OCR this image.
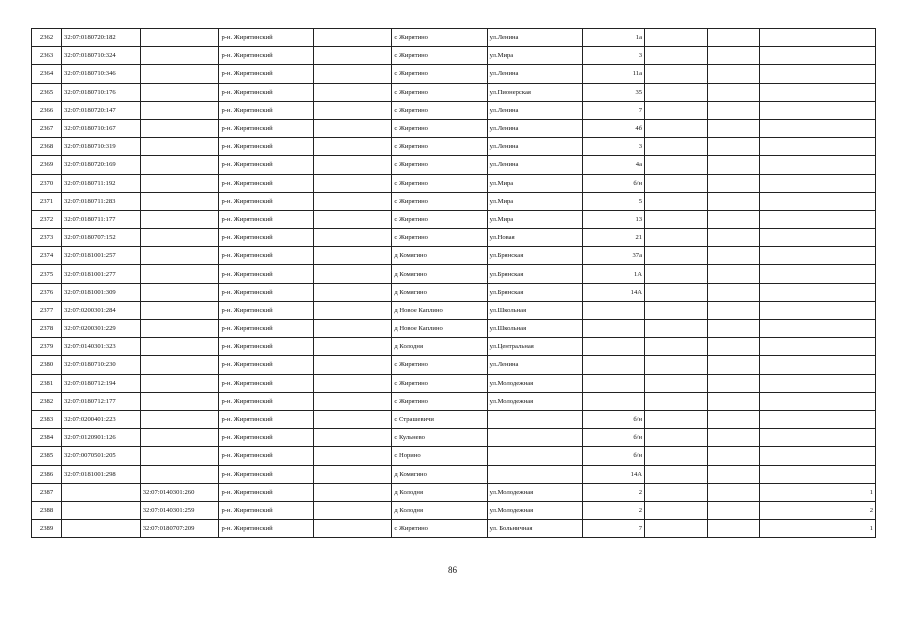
2362	32:07:0180720:182		р-н. Жирятинский		с Жирятино	ул.Ленина	1а			
2363	32:07:0180710:324		р-н. Жирятинский		с Жирятино	ул.Мира	3			
2364	32:07:0180710:346		р-н. Жирятинский		с Жирятино	ул.Ленина	11а			
2365	32:07:0180710:176		р-н. Жирятинский		с Жирятино	ул.Пионерская	35			
2366	32:07:0180720:147		р-н. Жирятинский		с Жирятино	ул.Ленина	7			
2367	32:07:0180710:167		р-н. Жирятинский		с Жирятино	ул.Ленина	4б			
2368	32:07:0180710:319		р-н. Жирятинский		с Жирятино	ул.Ленина	3			
2369	32:07:0180720:169		р-н. Жирятинский		с Жирятино	ул.Ленина	4а			
2370	32:07:0180711:192		р-н. Жирятинский		с Жирятино	ул.Мира	б/н			
2371	32:07:0180711:283		р-н. Жирятинский		с Жирятино	ул.Мира	5			
2372	32:07:0180711:177		р-н. Жирятинский		с Жирятино	ул.Мира	13			
2373	32:07:0180707:152		р-н. Жирятинский		с Жирятино	ул.Новая	21			
2374	32:07:0181001:257		р-н. Жирятинский		д Комягино	ул.Брянская	37а			
2375	32:07:0181001:277		р-н. Жирятинский		д Комягино	ул.Брянская	1А			
2376	32:07:0181001:309		р-н. Жирятинский		д Комягино	ул.Брянская	14А			
2377	32:07:0200301:284		р-н. Жирятинский		д Новое Каплино	ул.Школьная				
2378	32:07:0200301:229		р-н. Жирятинский		д Новое Каплино	ул.Школьная				
2379	32:07:0140301:323		р-н. Жирятинский		д Колодня	ул.Центральная				
2380	32:07:0180710:230		р-н. Жирятинский		с Жирятино	ул.Ленина				
2381	32:07:0180712:194		р-н. Жирятинский		с Жирятино	ул.Молодежная				
2382	32:07:0180712:177		р-н. Жирятинский		с Жирятино	ул.Молодежная				
2383	32:07:0200401:223		р-н. Жирятинский		с Страшевичи		б/н			
2384	32:07:0120901:126		р-н. Жирятинский		с Кульнево		б/н			
2385	32:07:0070501:205		р-н. Жирятинский		с Норино		б/н			
2386	32:07:0181001:298		р-н. Жирятинский		д Комягино		14А			
2387		32:07:0140301:260	р-н. Жирятинский		д Колодня	ул.Молодежная	2			1
2388		32:07:0140301:259	р-н. Жирятинский		д Колодня	ул.Молодежная	2			2
2389		32:07:0180707:209	р-н. Жирятинский		с Жирятино	ул. Больничная	7			1
86
